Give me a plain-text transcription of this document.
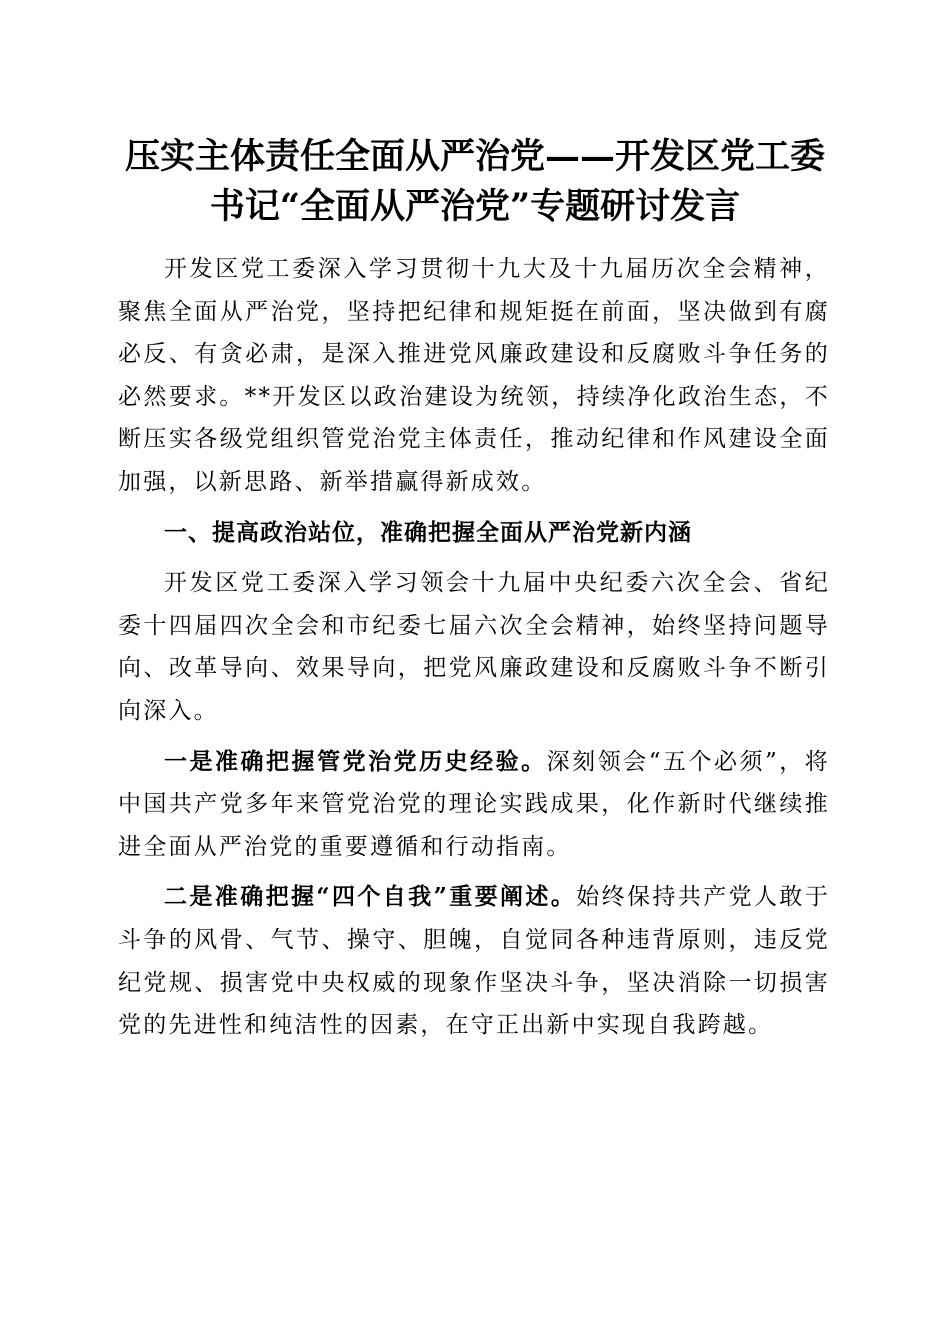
压实主体责任全面从严治党——开发区党工委
书记“全面从严治党”专题研讨发言

开发区党工委深入学习贯彻十九大及十九届历次全会精神，聚焦全面从严治党，坚持把纪律和规矩挺在前面，坚决做到有腐必反、有贪必肃，是深入推进党风廉政建设和反腐败斗争任务的必然要求。**开发区以政治建设为统领，持续净化政治生态，不断压实各级党组织管党治党主体责任，推动纪律和作风建设全面加强，以新思路、新举措赢得新成效。

一、提高政治站位，准确把握全面从严治党新内涵

开发区党工委深入学习领会十九届中央纪委六次全会、省纪委十四届四次全会和市纪委七届六次全会精神，始终坚持问题导向、改革导向、效果导向，把党风廉政建设和反腐败斗争不断引向深入。

一是准确把握管党治党历史经验。深刻领会“五个必须”，将中国共产党多年来管党治党的理论实践成果，化作新时代继续推进全面从严治党的重要遵循和行动指南。

二是准确把握“四个自我”重要阐述。始终保持共产党人敢于斗争的风骨、气节、操守、胆魄，自觉同各种违背原则，违反党纪党规、损害党中央权威的现象作坚决斗争，坚决消除一切损害党的先进性和纯洁性的因素，在守正出新中实现自我跨越。
